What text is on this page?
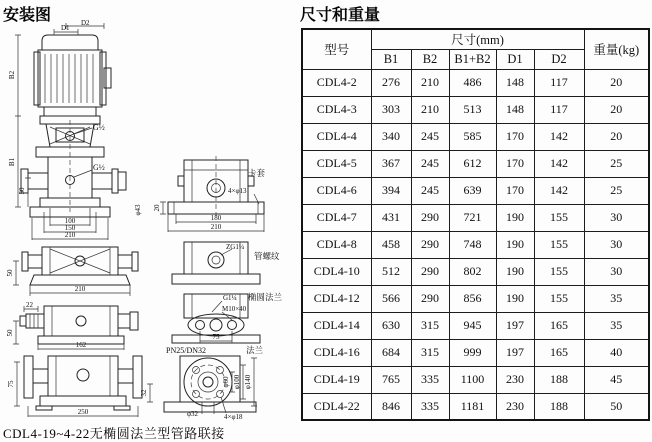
安装图
D1
D2
B2
B1
50
G½
G½
φ43
100
150
210
50
210
22
50
162
75
250
卡套
4×φ13
20
180
210
ZG1¼
管螺纹
G1¼ 椭圆法兰
M10×40
75
PN25/DN32	法兰
φ60 φ100 φ140
32
φ32	4×φ18
CDL4-19~4-22无椭圆法兰型管路联接
尺寸和重量
型号	尺寸(mm)					重量(kg)
	B1	B2	B1+B2	D1	D2	
CDL4-2	276	210	486	148	117	20
CDL4-3	303	210	513	148	117	20
CDL4-4	340	245	585	170	142	20
CDL4-5	367	245	612	170	142	25
CDL4-6	394	245	639	170	142	25
CDL4-7	431	290	721	190	155	30
CDL4-8	458	290	748	190	155	30
CDL4-10	512	290	802	190	155	30
CDL4-12	566	290	856	190	155	35
CDL4-14	630	315	945	197	165	35
CDL4-16	684	315	999	197	165	40
CDL4-19	765	335	1100	230	188	45
CDL4-22	846	335	1181	230	188	50
